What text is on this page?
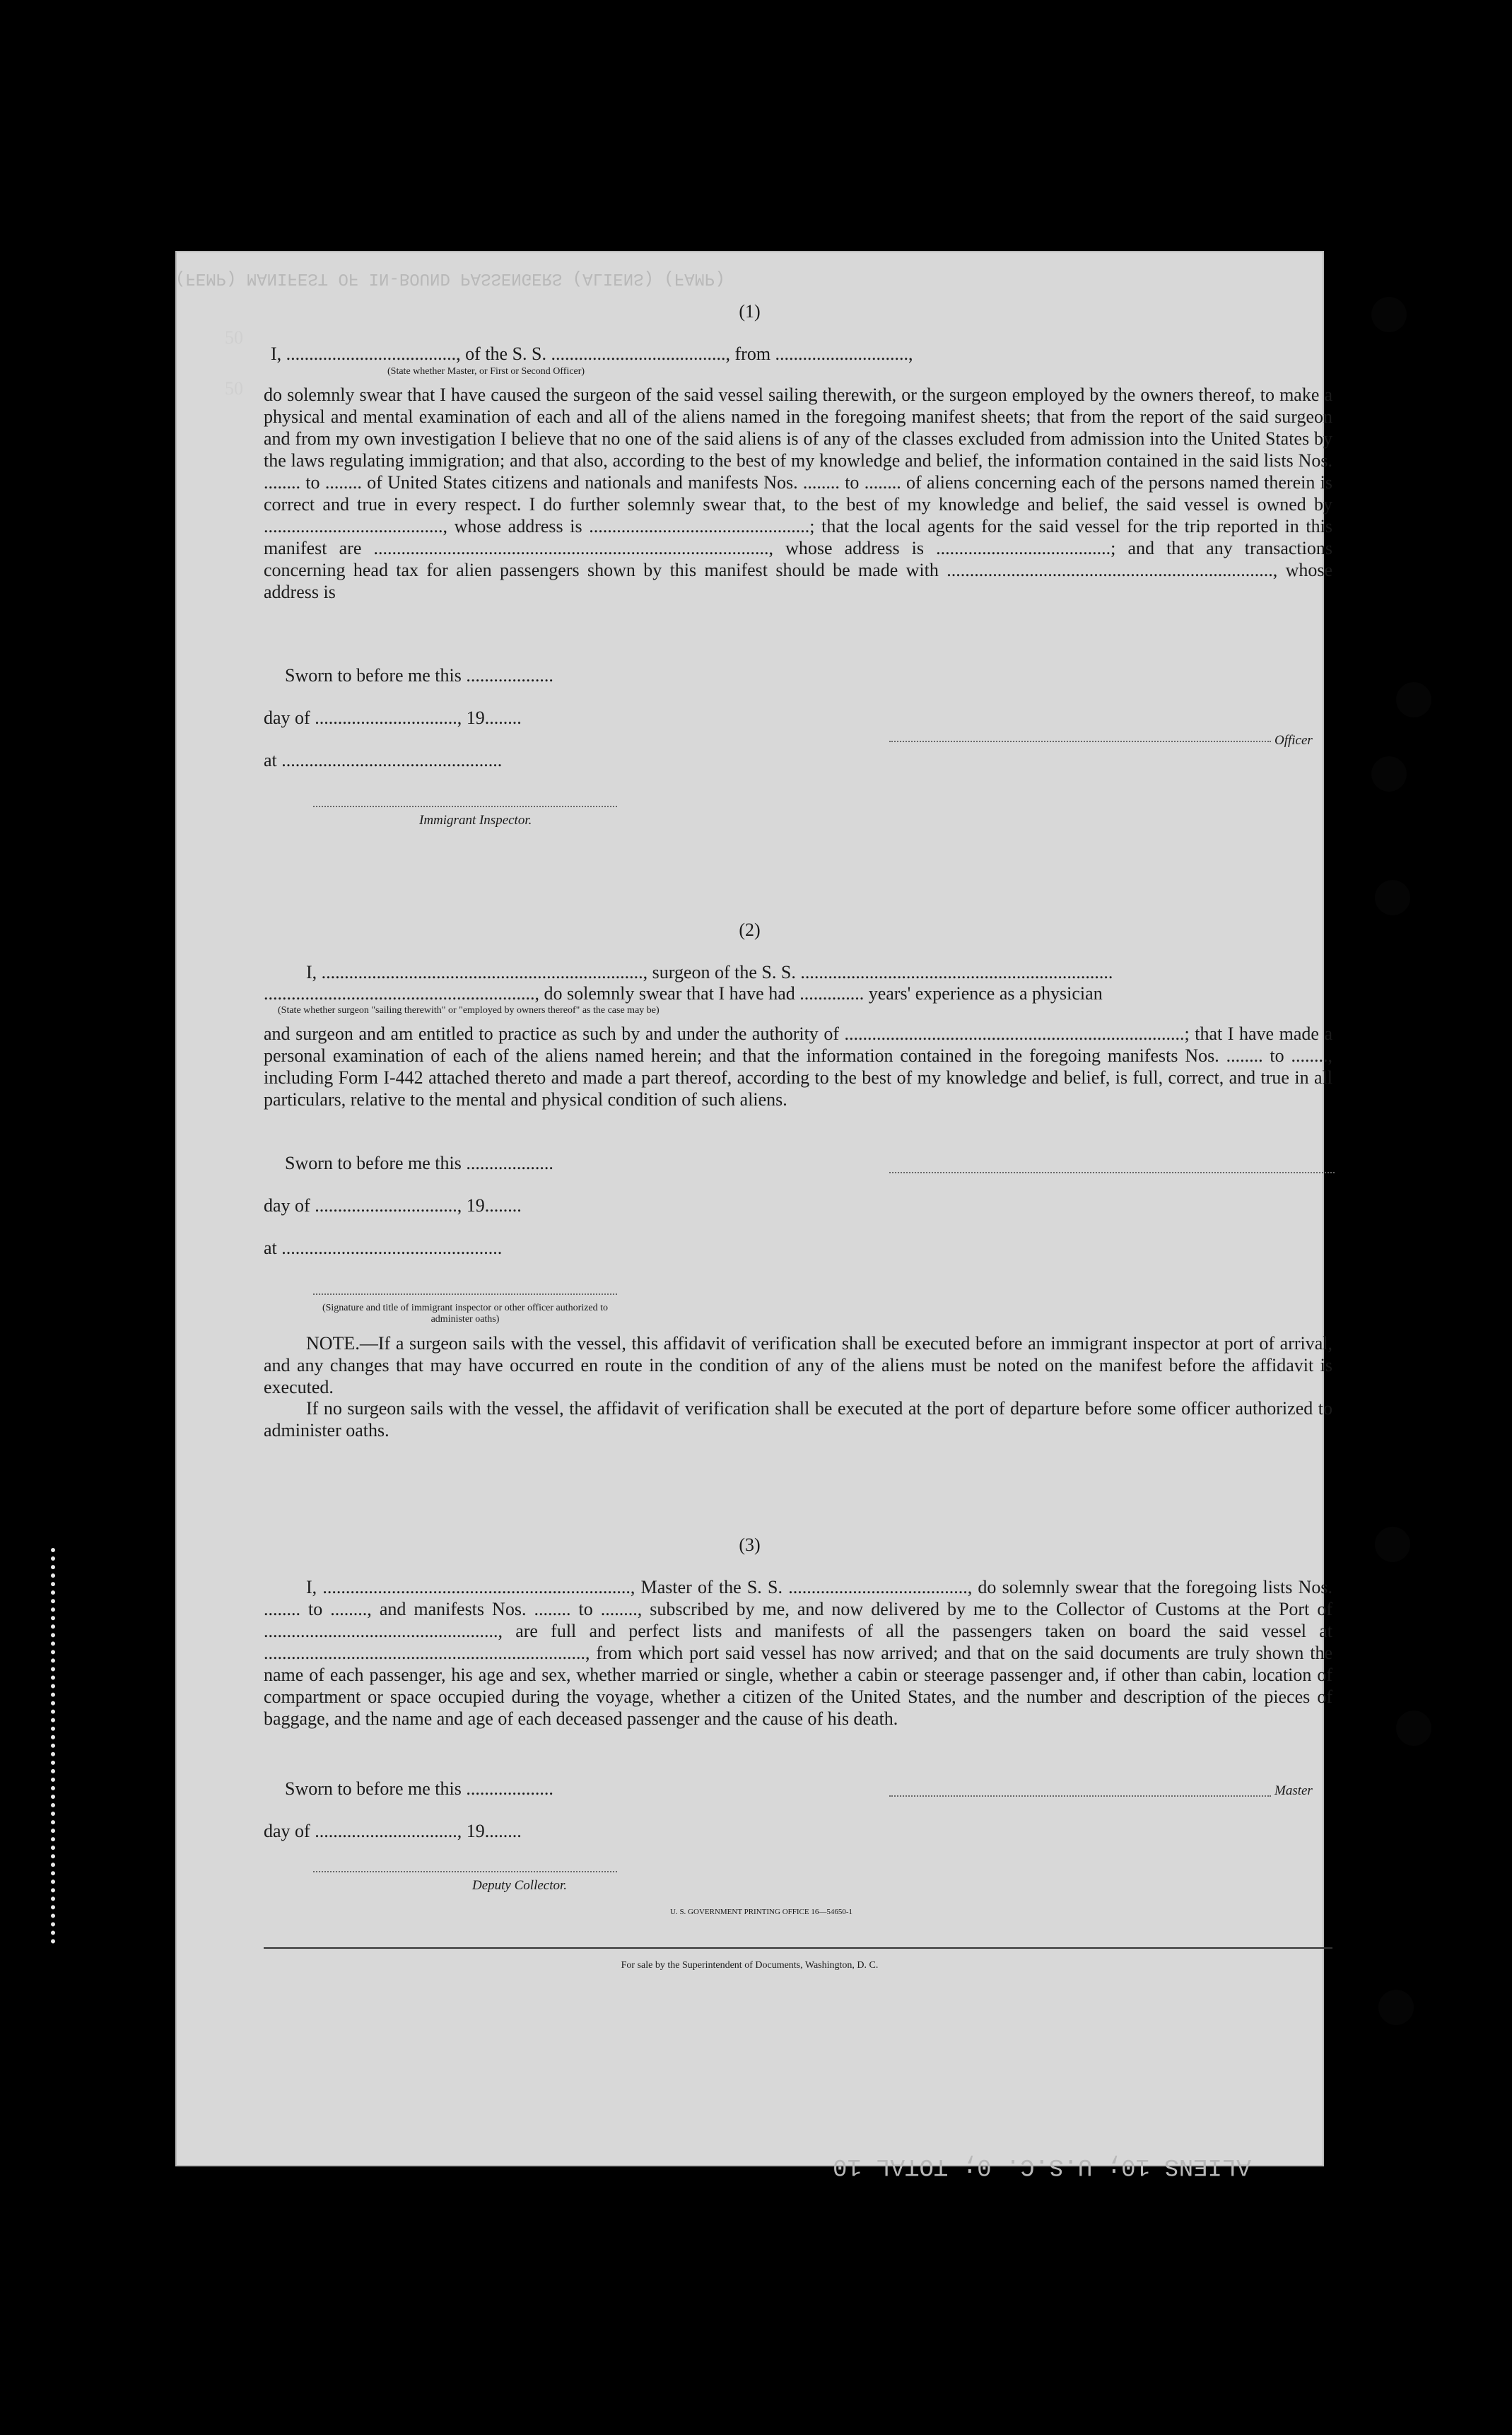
(FEMP) MANIFEST OF IN-BOUND PASSENGERS (ALIENS) (FAMP)
ALIENS 10; U.S.C. 0; TOTAL 10
(1)
I, ....................................., of the S. S. ......................................, from .............................,
(State whether Master, or First or Second Officer)
do solemnly swear that I have caused the surgeon of the said vessel sailing therewith, or the surgeon employed by the owners thereof, to make a physical and mental examination of each and all of the aliens named in the foregoing manifest sheets; that from the report of the said surgeon and from my own investigation I believe that no one of the said aliens is of any of the classes excluded from admission into the United States by the laws regulating immigration; and that also, according to the best of my knowledge and belief, the information contained in the said lists Nos. ........ to ........ of United States citizens and nationals and manifests Nos. ........ to ........ of aliens concerning each of the persons named therein is correct and true in every respect. I do further solemnly swear that, to the best of my knowledge and belief, the said vessel is owned by ......................................., whose address is ................................................; that the local agents for the said vessel for the trip reported in this manifest are ......................................................................................, whose address is ......................................; and that any transactions concerning head tax for alien passengers shown by this manifest should be made with ......................................................................., whose address is
Sworn to before me this ...................
day of ..............................., 19........
at ................................................
Immigrant Inspector.
Officer
(2)
I, ......................................................................, surgeon of the S. S. ....................................................................
..........................................................., do solemnly swear that I have had .............. years' experience as a physician
(State whether surgeon "sailing therewith" or "employed by owners thereof" as the case may be)
and surgeon and am entitled to practice as such by and under the authority of ..........................................................................; that I have made a personal examination of each of the aliens named herein; and that the information contained in the foregoing manifests Nos. ........ to ........, including Form I-442 attached thereto and made a part thereof, according to the best of my knowledge and belief, is full, correct, and true in all particulars, relative to the mental and physical condition of such aliens.
Sworn to before me this ...................
day of ..............................., 19........
at ................................................
(Signature and title of immigrant inspector or other officer authorized to administer oaths)
NOTE.—If a surgeon sails with the vessel, this affidavit of verification shall be executed before an immigrant inspector at port of arrival, and any changes that may have occurred en route in the condition of any of the aliens must be noted on the manifest before the affidavit is executed.
If no surgeon sails with the vessel, the affidavit of verification shall be executed at the port of departure before some officer authorized to administer oaths.
(3)
I, ..................................................................., Master of the S. S. ......................................., do solemnly swear that the foregoing lists Nos. ........ to ........, and manifests Nos. ........ to ........, subscribed by me, and now delivered by me to the Collector of Customs at the Port of ..................................................., are full and perfect lists and manifests of all the passengers taken on board the said vessel at ......................................................................, from which port said vessel has now arrived; and that on the said documents are truly shown the name of each passenger, his age and sex, whether married or single, whether a cabin or steerage passenger and, if other than cabin, location of compartment or space occupied during the voyage, whether a citizen of the United States, and the number and description of the pieces of baggage, and the name and age of each deceased passenger and the cause of his death.
Sworn to before me this ...................
day of ..............................., 19........
Master
Deputy Collector.
U. S. GOVERNMENT PRINTING OFFICE 16—54650-1
For sale by the Superintendent of Documents, Washington, D. C.
50
50
